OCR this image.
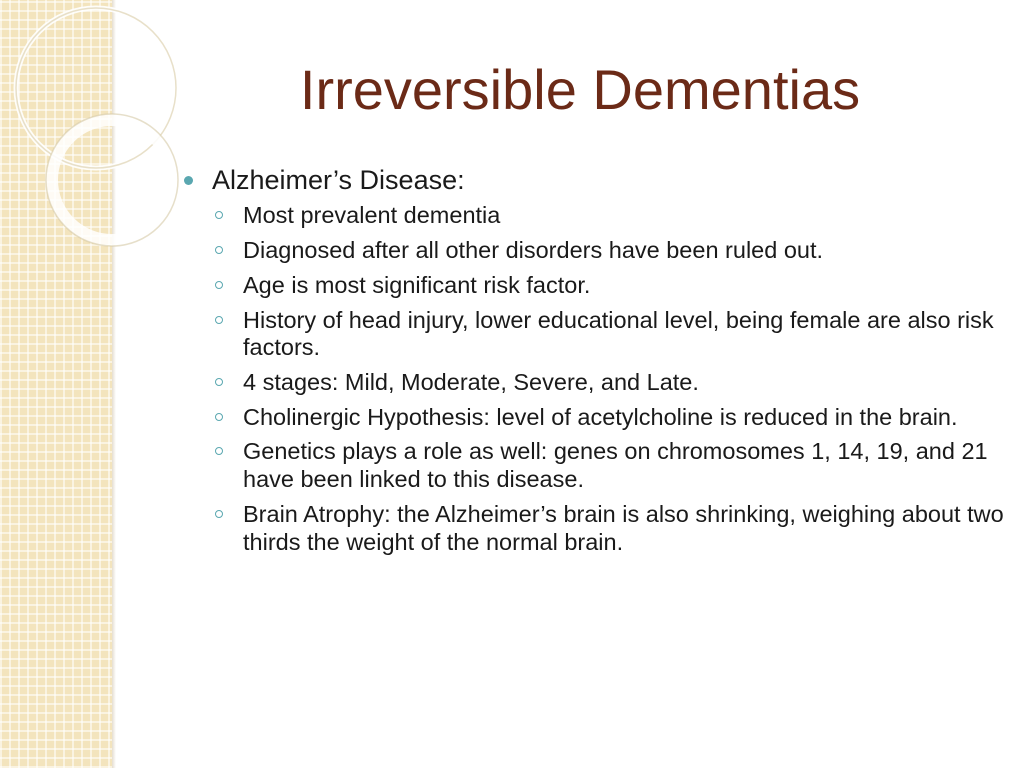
Irreversible Dementias
Alzheimer’s Disease:
Most prevalent dementia
Diagnosed after all other disorders have been ruled out.
Age is most significant risk factor.
History of head injury, lower educational level, being female are also risk factors.
4 stages: Mild, Moderate, Severe, and Late.
Cholinergic Hypothesis: level of acetylcholine is reduced in the brain.
Genetics plays a role as well: genes on chromosomes 1, 14, 19, and 21 have been linked to this disease.
Brain Atrophy: the Alzheimer’s brain is also shrinking, weighing about two thirds the weight of the normal brain.
